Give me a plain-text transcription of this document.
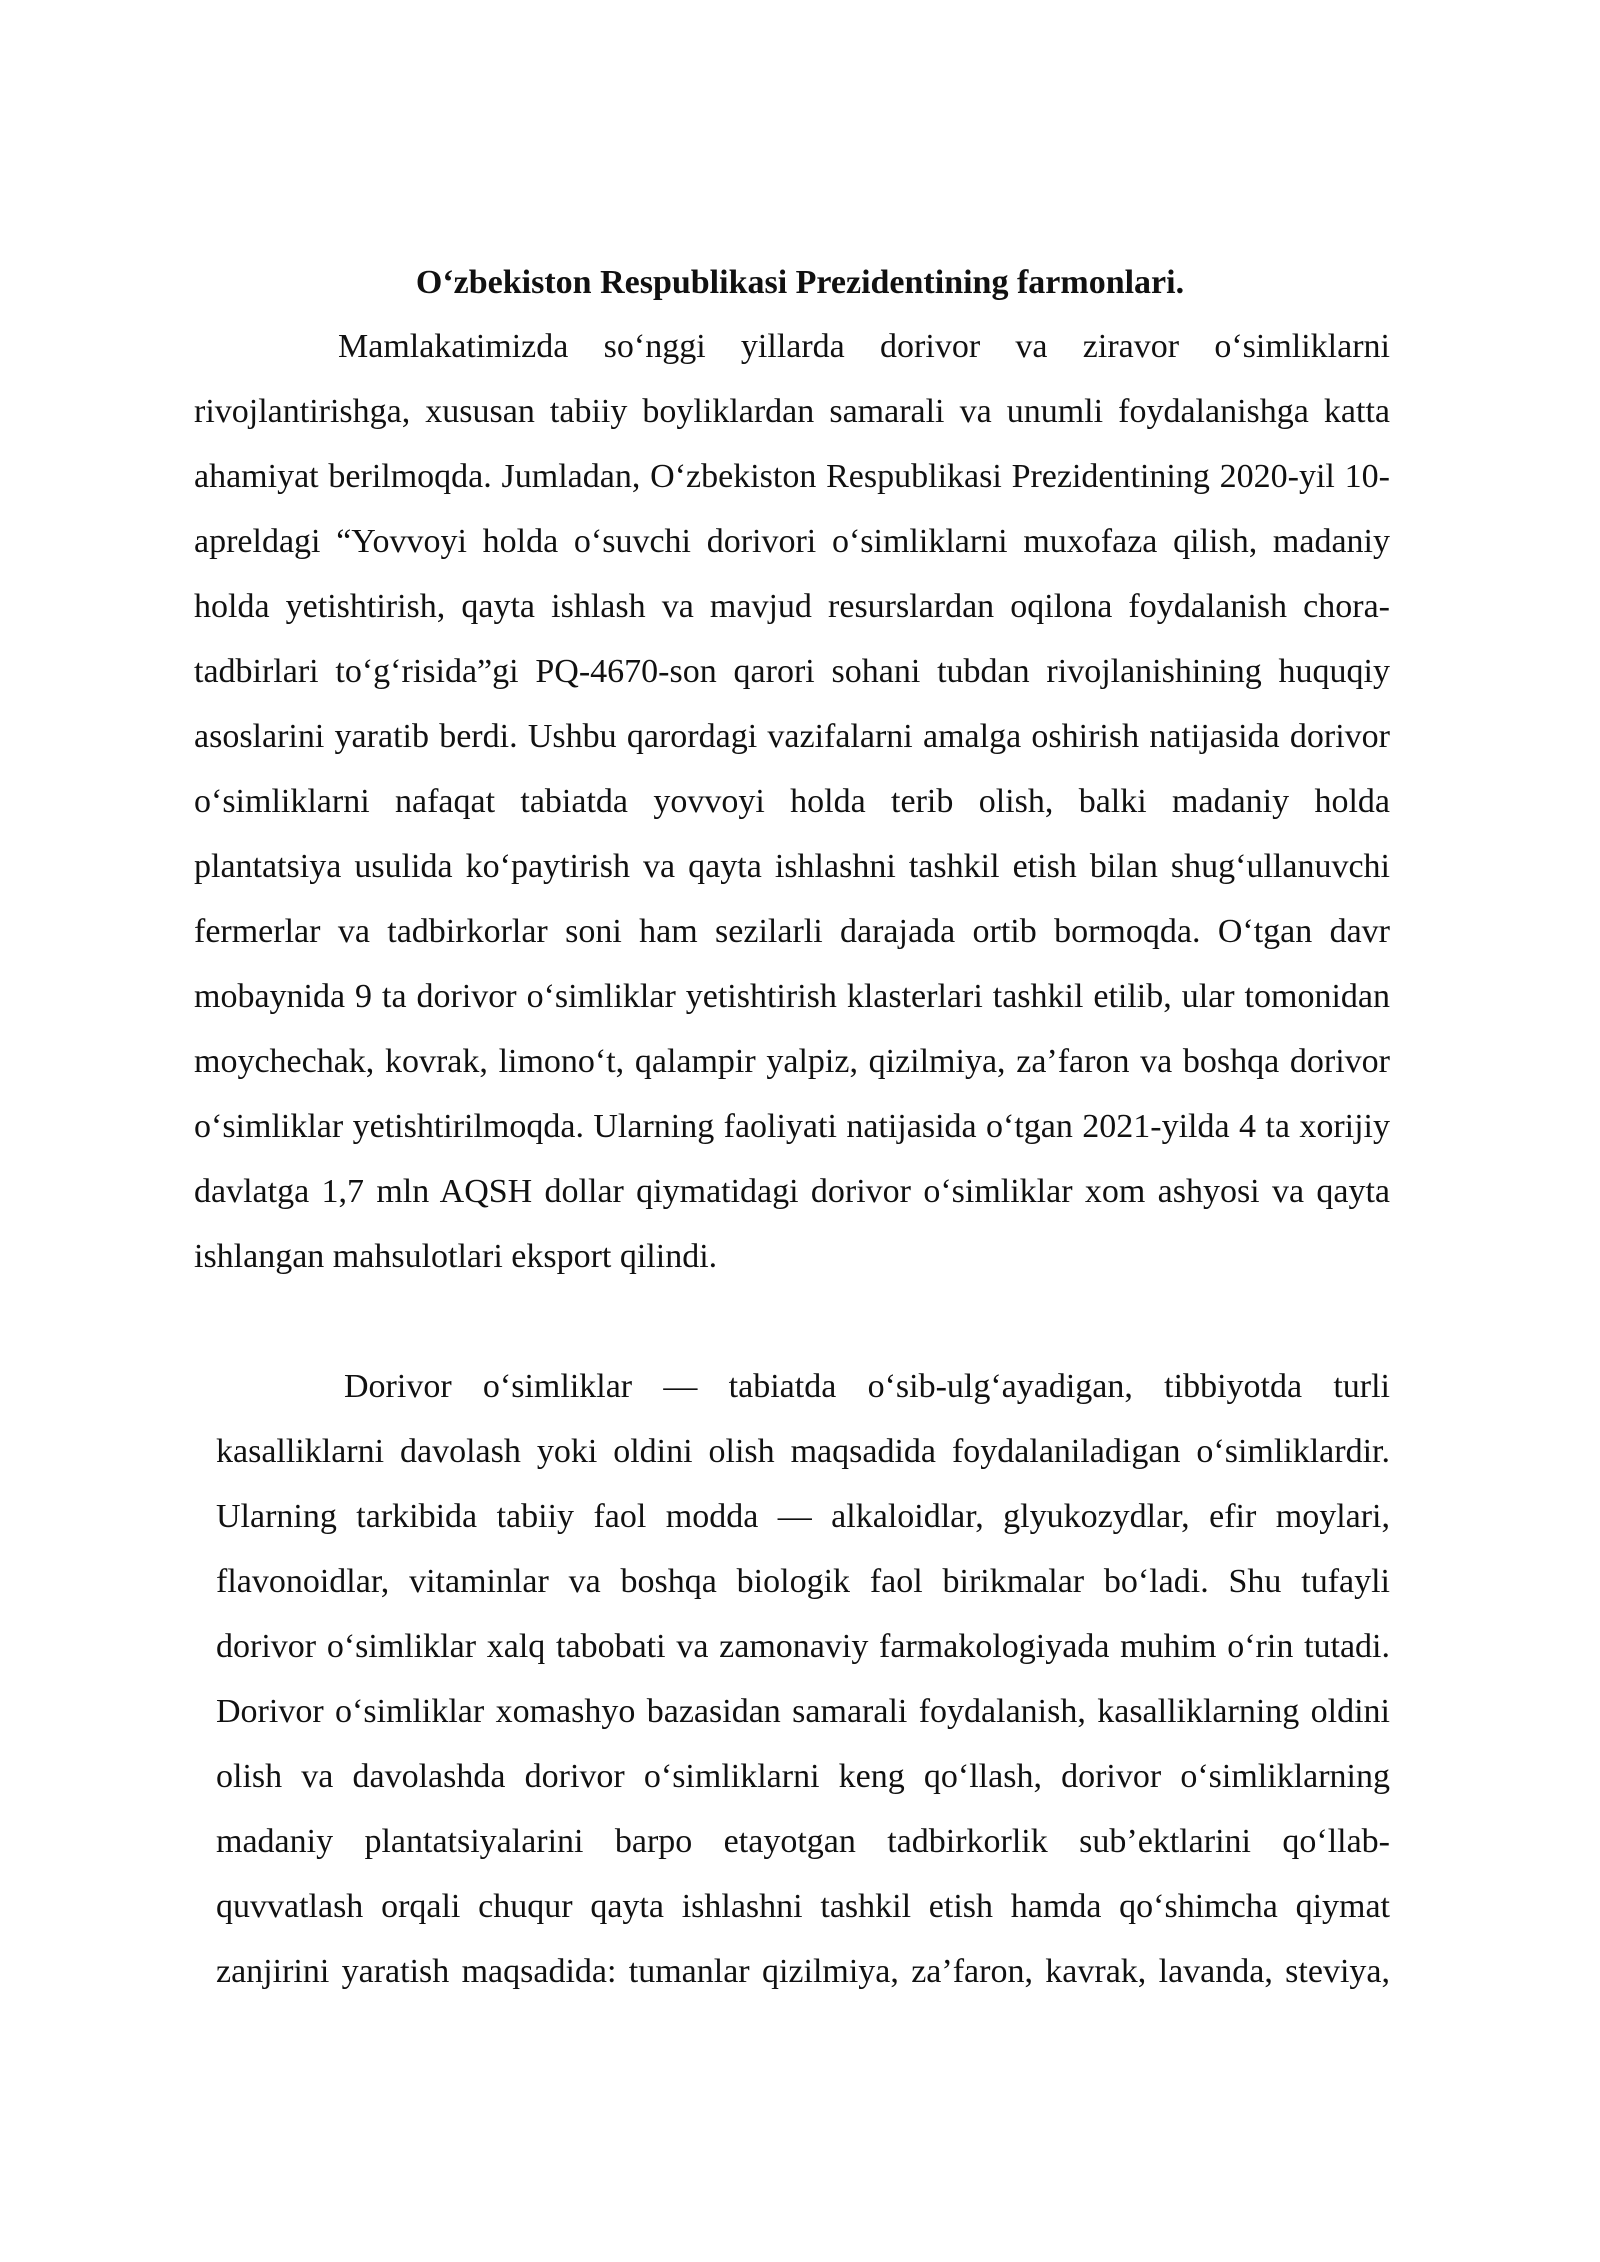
O‘zbekiston Respublikasi Prezidentining farmonlari.

Mamlakatimizda so‘nggi yillarda dorivor va ziravor o‘simliklarni rivojlantirishga, xususan tabiiy boyliklardan samarali va unumli foydalanishga katta ahamiyat berilmoqda. Jumladan, O‘zbekiston Respublikasi Prezidentining 2020-yil 10-apreldagi “Yovvoyi holda o‘suvchi dorivori o‘simliklarni muxofaza qilish, madaniy holda yetishtirish, qayta ishlash va mavjud resurslardan oqilona foydalanish chora-tadbirlari to‘g‘risida”gi PQ-4670-son qarori sohani tubdan rivojlanishining huquqiy asoslarini yaratib berdi. Ushbu qarordagi vazifalarni amalga oshirish natijasida dorivor o‘simliklarni nafaqat tabiatda yovvoyi holda terib olish, balki madaniy holda plantatsiya usulida ko‘paytirish va qayta ishlashni tashkil etish bilan shug‘ullanuvchi fermerlar va tadbirkorlar soni ham sezilarli darajada ortib bormoqda. O‘tgan davr mobaynida 9 ta dorivor o‘simliklar yetishtirish klasterlari tashkil etilib, ular tomonidan moychechak, kovrak, limono‘t, qalampir yalpiz, qizilmiya, za’faron va boshqa dorivor o‘simliklar yetishtirilmoqda. Ularning faoliyati natijasida o‘tgan 2021-yilda 4 ta xorijiy davlatga 1,7 mln AQSH dollar qiymatidagi dorivor o‘simliklar xom ashyosi va qayta ishlangan mahsulotlari eksport qilindi.

Dorivor o‘simliklar — tabiatda o‘sib-ulg‘ayadigan, tibbiyotda turli kasalliklarni davolash yoki oldini olish maqsadida foydalaniladigan o‘simliklardir. Ularning tarkibida tabiiy faol modda — alkaloidlar, glyukozydlar, efir moylari, flavonoidlar, vitaminlar va boshqa biologik faol birikmalar bo‘ladi. Shu tufayli dorivor o‘simliklar xalq tabobati va zamonaviy farmakologiyada muhim o‘rin tutadi. Dorivor o‘simliklar xomashyo bazasidan samarali foydalanish, kasalliklarning oldini olish va davolashda dorivor o‘simliklarni keng qo‘llash, dorivor o‘simliklarning madaniy plantatsiyalarini barpo etayotgan tadbirkorlik sub’ektlarini qo‘llab-quvvatlash orqali chuqur qayta ishlashni tashkil etish hamda qo‘shimcha qiymat zanjirini yaratish maqsadida: tumanlar qizilmiya, za’faron, kavrak, lavanda, steviya,
